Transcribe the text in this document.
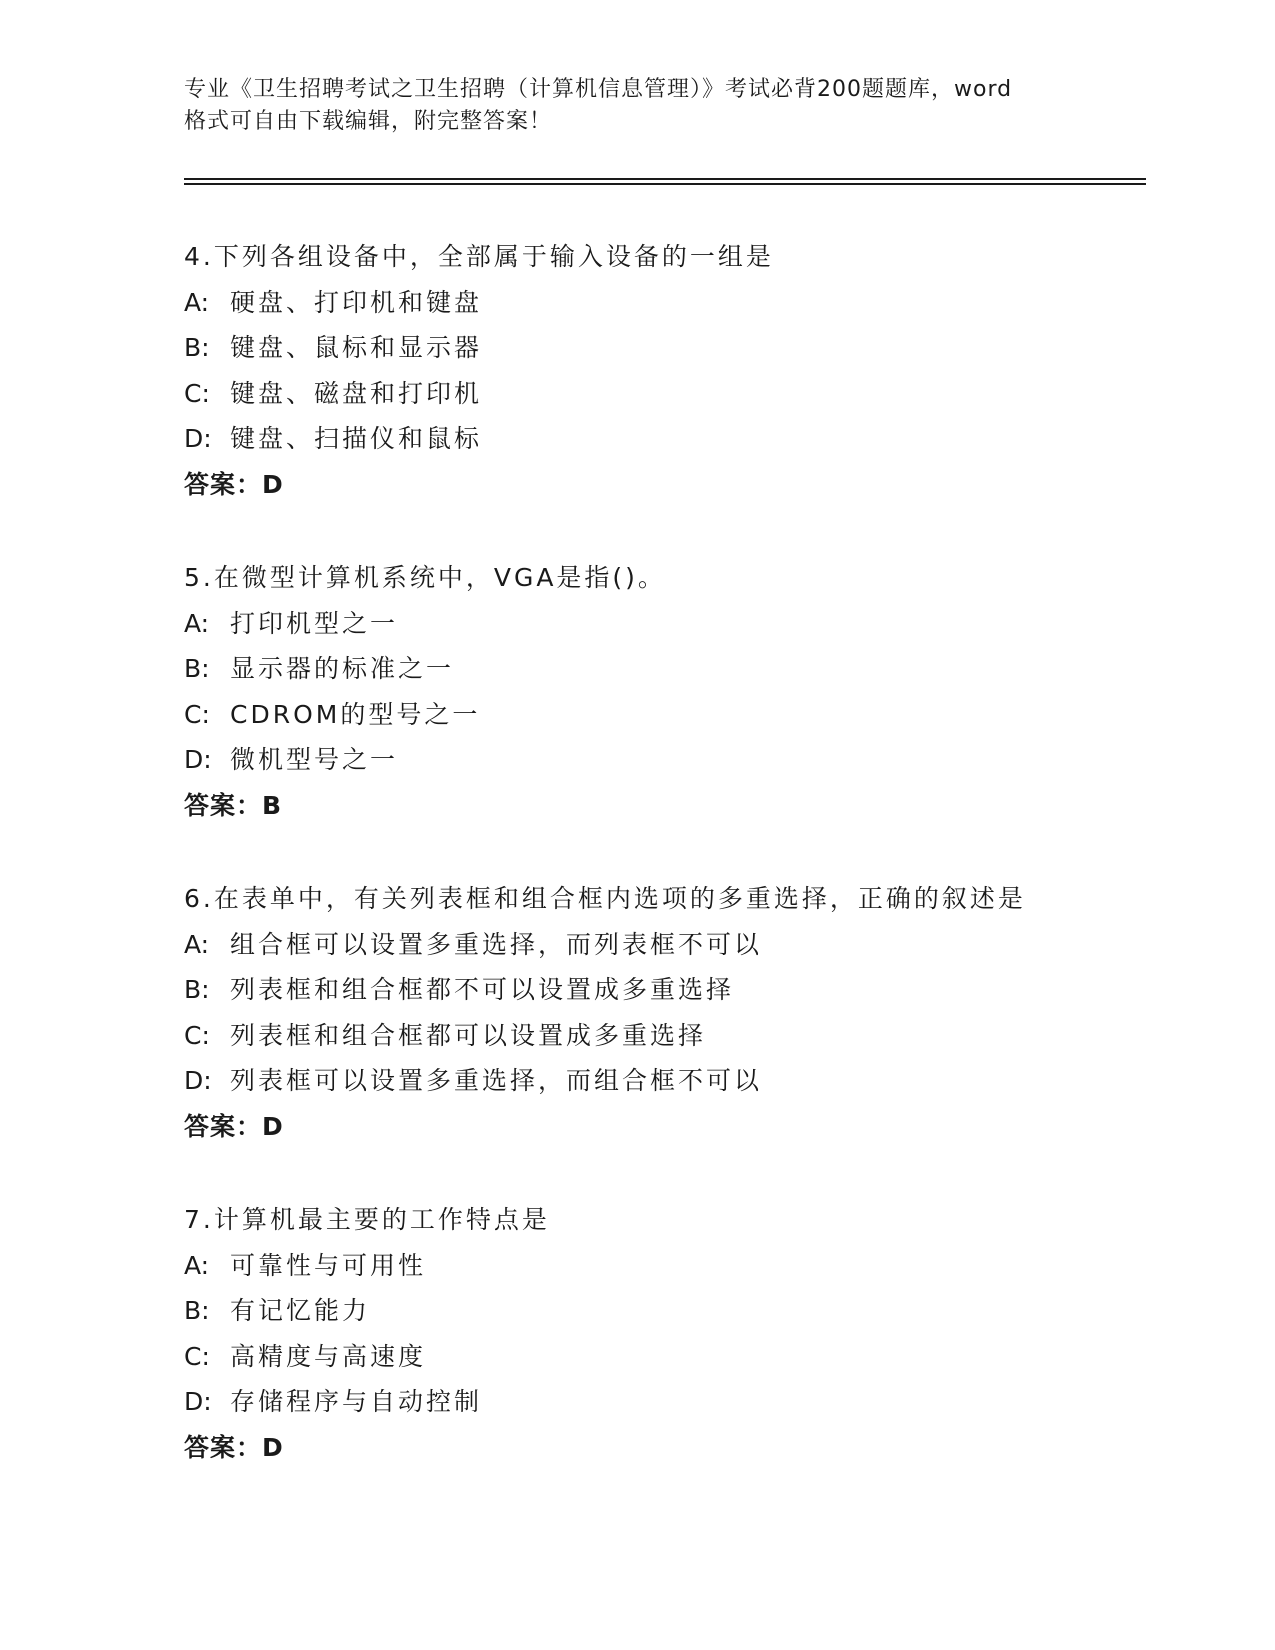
专业《卫生招聘考试之卫生招聘（计算机信息管理）》考试必背200题题库，word
格式可自由下载编辑，附完整答案！
4.下列各组设备中，全部属于输入设备的一组是
A: 硬盘、打印机和键盘
B: 键盘、鼠标和显示器
C: 键盘、磁盘和打印机
D: 键盘、扫描仪和鼠标
答案：D
5.在微型计算机系统中，VGA是指()。
A: 打印机型之一
B: 显示器的标准之一
C: CDROM的型号之一
D: 微机型号之一
答案：B
6.在表单中，有关列表框和组合框内选项的多重选择，正确的叙述是
A: 组合框可以设置多重选择，而列表框不可以
B: 列表框和组合框都不可以设置成多重选择
C: 列表框和组合框都可以设置成多重选择
D: 列表框可以设置多重选择，而组合框不可以
答案：D
7.计算机最主要的工作特点是
A: 可靠性与可用性
B: 有记忆能力
C: 高精度与高速度
D: 存储程序与自动控制
答案：D
